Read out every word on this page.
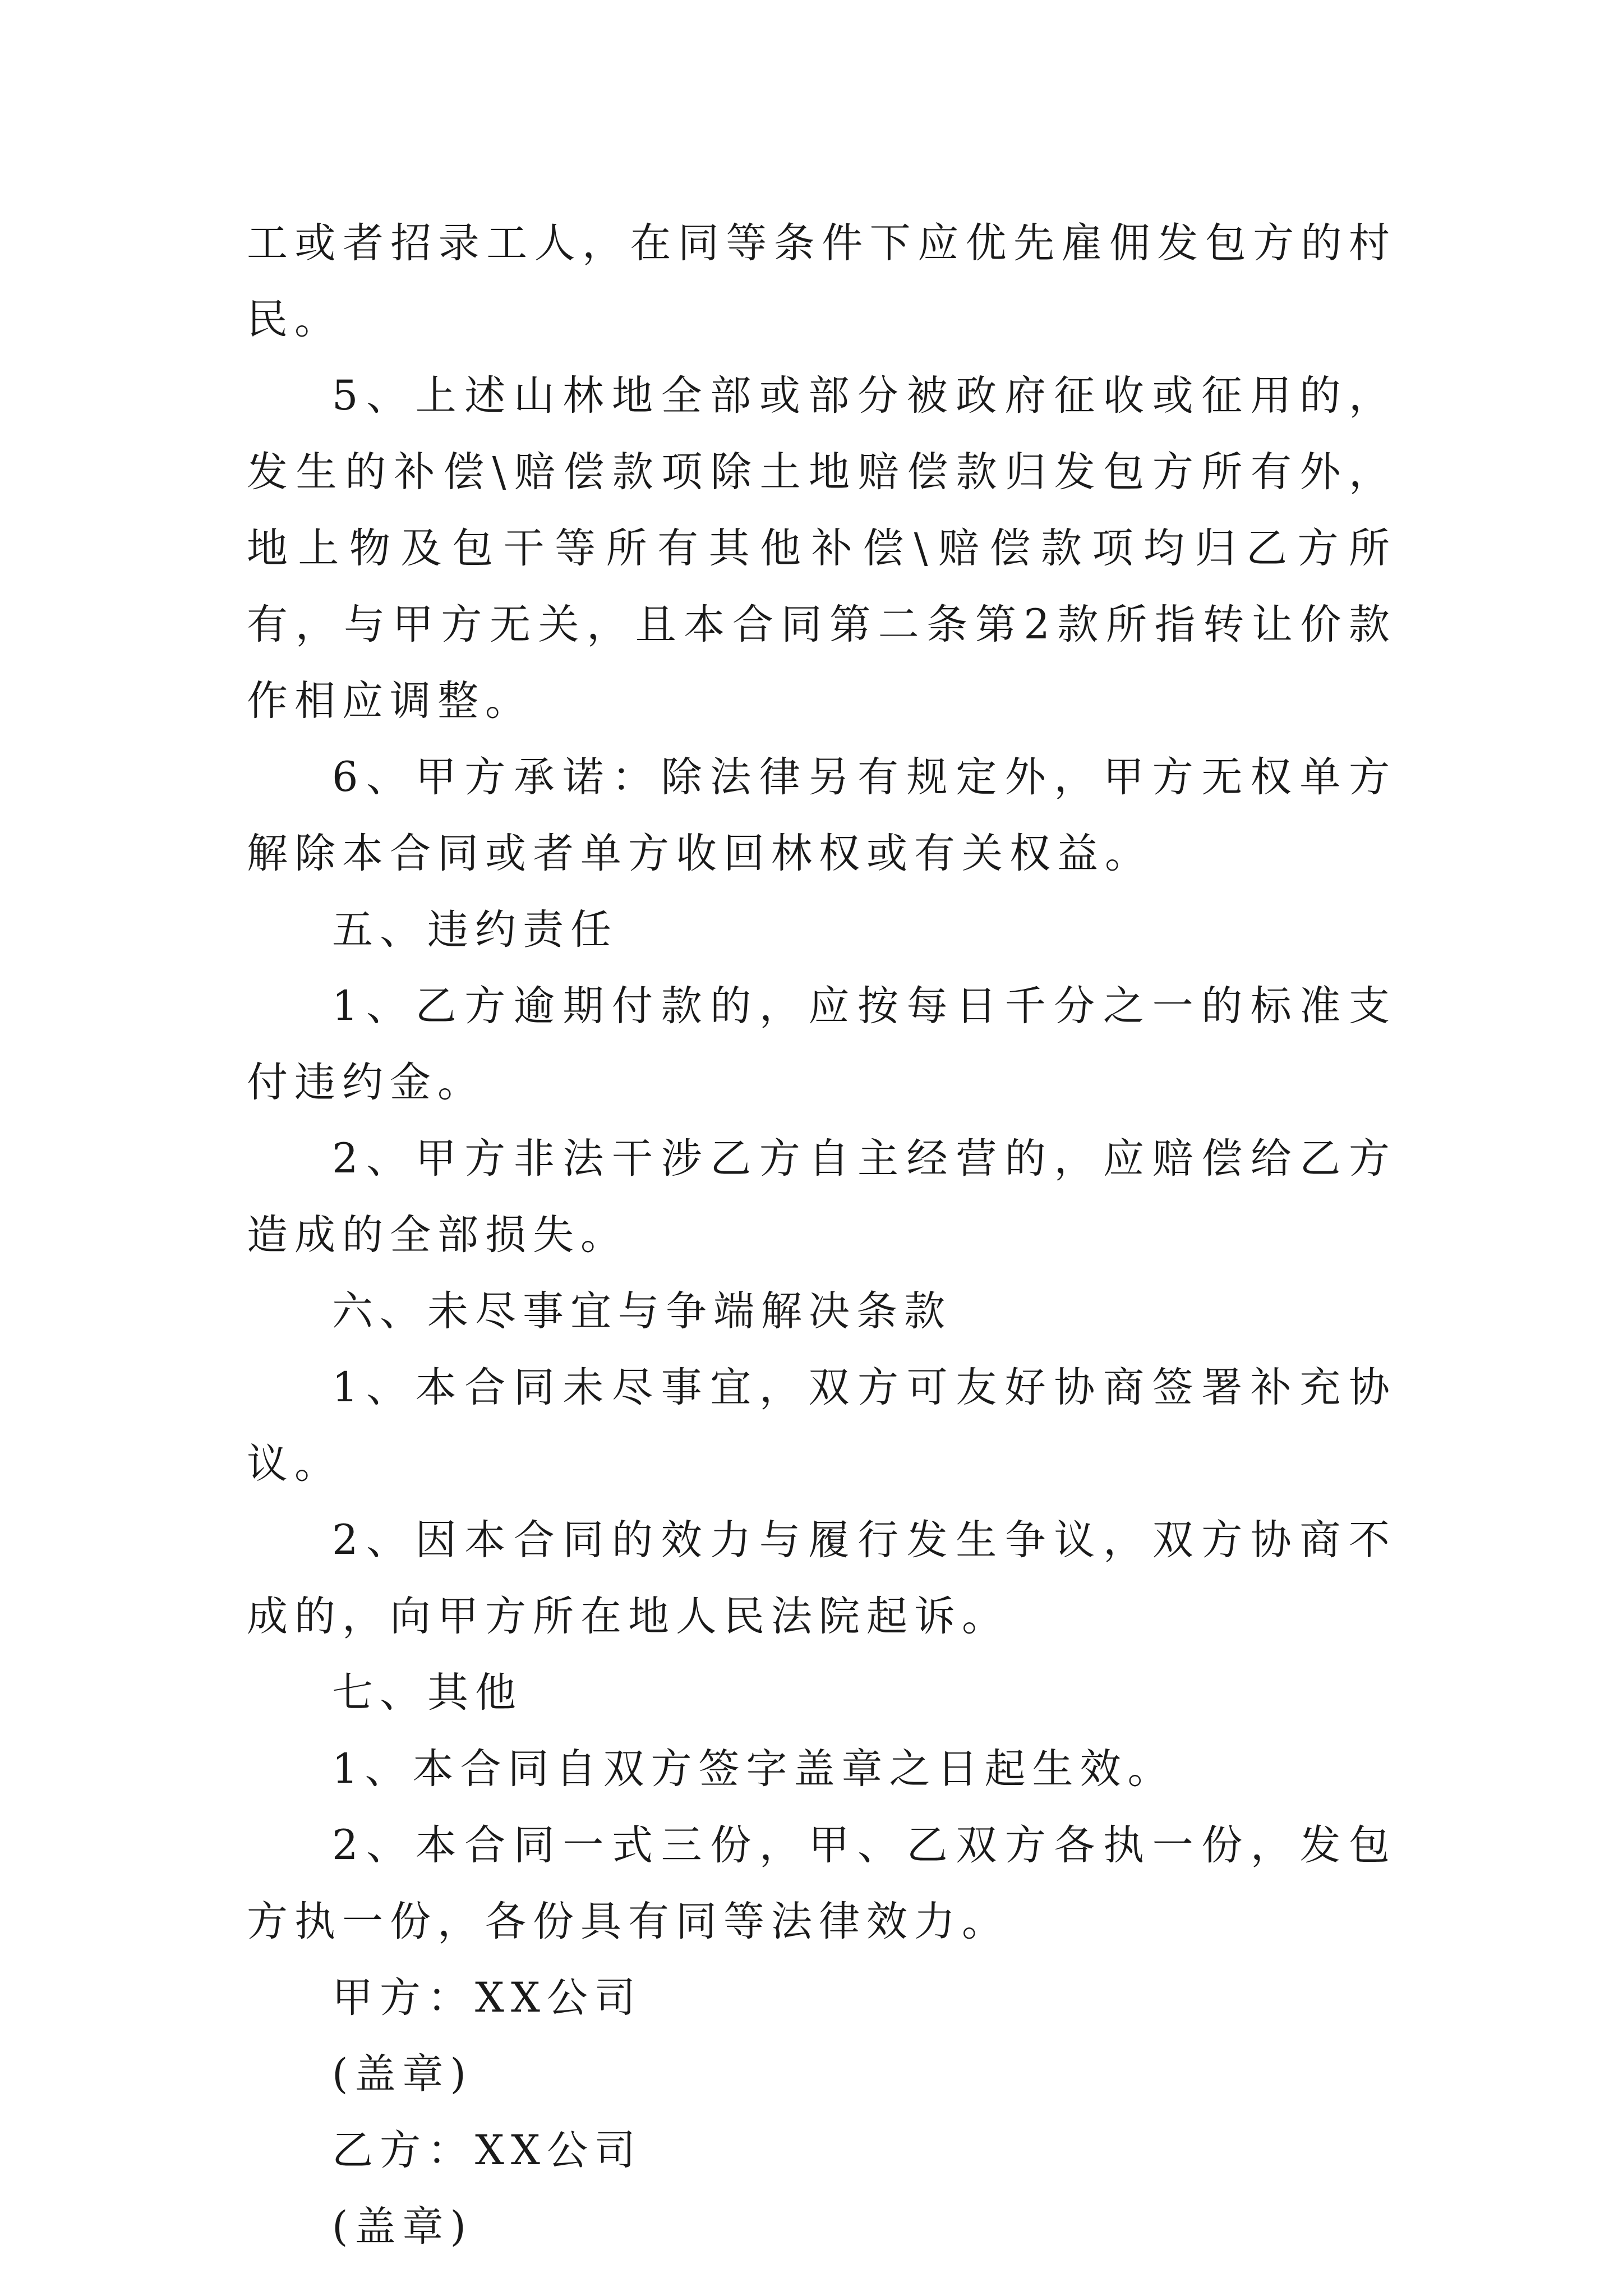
工或者招录工人，在同等条件下应优先雇佣发包方的村民。

5、上述山林地全部或部分被政府征收或征用的，发生的补偿\赔偿款项除土地赔偿款归发包方所有外，地上物及包干等所有其他补偿\赔偿款项均归乙方所有，与甲方无关，且本合同第二条第2款所指转让价款作相应调整。

6、甲方承诺：除法律另有规定外，甲方无权单方解除本合同或者单方收回林权或有关权益。

五、违约责任

1、乙方逾期付款的，应按每日千分之一的标准支付违约金。

2、甲方非法干涉乙方自主经营的，应赔偿给乙方造成的全部损失。

六、未尽事宜与争端解决条款

1、本合同未尽事宜，双方可友好协商签署补充协议。

2、因本合同的效力与履行发生争议，双方协商不成的，向甲方所在地人民法院起诉。

七、其他

1、本合同自双方签字盖章之日起生效。

2、本合同一式三份，甲、乙双方各执一份，发包方执一份，各份具有同等法律效力。

甲方：XX公司

(盖章)

乙方：XX公司

(盖章)
